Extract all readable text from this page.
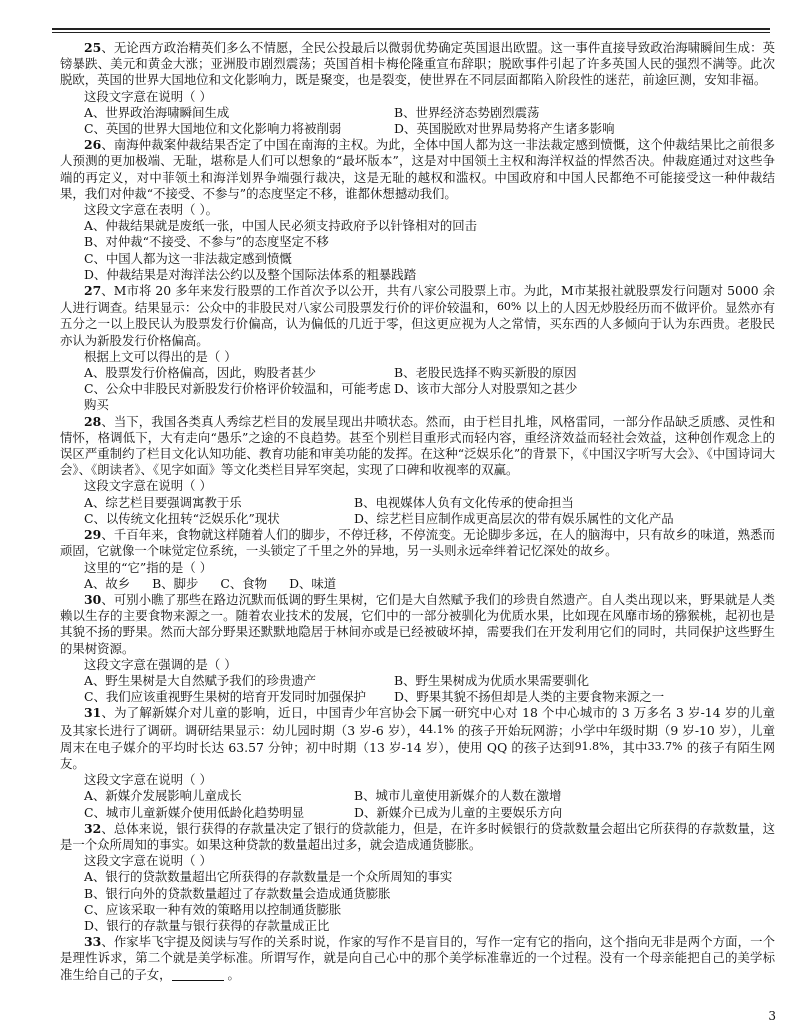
25、无论西方政治精英们多么不情愿，全民公投最后以微弱优势确定英国退出欧盟。这一事件直接导致政治海啸瞬间生成：英镑暴跌、美元和黄金大涨；亚洲股市剧烈震荡；英国首相卡梅伦隆重宣布辞职；脱欧事件引起了许多英国人民的强烈不满等。此次脱欧，英国的世界大国地位和文化影响力，既是聚变，也是裂变，使世界在不同层面都陷入阶段性的迷茫，前途叵测，安知非福。

这段文字意在说明（ ）

A、世界政治海啸瞬间生成	B、世界经济态势剧烈震荡
C、英国的世界大国地位和文化影响力将被削弱	D、英国脱欧对世界局势将产生诸多影响

26、南海仲裁案仲裁结果否定了中国在南海的主权。为此，全体中国人都为这一非法裁定感到愤慨，这个仲裁结果比之前很多人预测的更加极端、无耻，堪称是人们可以想象的“最坏版本”，这是对中国领土主权和海洋权益的悍然否决。仲裁庭通过对这些争端的再定义，对中菲领土和海洋划界争端强行裁决，这是无耻的越权和滥权。中国政府和中国人民都绝不可能接受这一种仲裁结果，我们对仲裁“不接受、不参与”的态度坚定不移，谁都休想撼动我们。

这段文字意在表明（ ）。

A、仲裁结果就是废纸一张，中国人民必须支持政府予以针锋相对的回击

B、对仲裁“不接受、不参与”的态度坚定不移

C、中国人都为这一非法裁定感到愤慨

D、仲裁结果是对海洋法公约以及整个国际法体系的粗暴践踏

27、M市将 20 多年来发行股票的工作首次予以公开，共有八家公司股票上市。为此，M市某报社就股票发行问题对 5000 余人进行调查。结果显示：公众中的非股民对八家公司股票发行价的评价较温和，60% 以上的人因无炒股经历而不做评价。显然亦有五分之一以上股民认为股票发行价偏高，认为偏低的几近于零，但这更应视为人之常情，买东西的人多倾向于认为东西贵。老股民亦认为新股发行价格偏高。

根据上文可以得出的是（ ）

A、股票发行价格偏高，因此，购股者甚少	B、老股民选择不购买新股的原因
C、公众中非股民对新股发行价格评价较温和，可能考虑购买
D、该市大部分人对股票知之甚少

28、当下，我国各类真人秀综艺栏目的发展呈现出井喷状态。然而，由于栏目扎堆，风格雷同，一部分作品缺乏质感、灵性和情怀，格调低下，大有走向“愚乐”之途的不良趋势。甚至个别栏目重形式而轻内容，重经济效益而轻社会效益，这种创作观念上的误区严重制约了栏目文化认知功能、教育功能和审美功能的发挥。在这种“泛娱乐化”的背景下，《中国汉字听写大会》、《中国诗词大会》、《朗读者》、《见字如面》等文化类栏目异军突起，实现了口碑和收视率的双赢。

这段文字意在说明（ ）

A、综艺栏目要强调寓教于乐	B、电视媒体人负有文化传承的使命担当
C、以传统文化扭转“泛娱乐化”现状	D、综艺栏目应制作成更高层次的带有娱乐属性的文化产品

29、千百年来，食物就这样随着人们的脚步，不停迁移，不停流变。无论脚步多远，在人的脑海中，只有故乡的味道，熟悉而顽固，它就像一个味觉定位系统，一头锁定了千里之外的异地，另一头则永远牵绊着记忆深处的故乡。

这里的“它”指的是（ ）

A、故乡 B、脚步 C、食物 D、味道

30、可别小瞧了那些在路边沉默而低调的野生果树，它们是大自然赋予我们的珍贵自然遗产。自人类出现以来，野果就是人类赖以生存的主要食物来源之一。随着农业技术的发展，它们中的一部分被驯化为优质水果，比如现在风靡市场的猕猴桃，起初也是其貌不扬的野果。然而大部分野果还默默地隐居于林间亦或是已经被破坏掉，需要我们在开发利用它们的同时，共同保护这些野生的果树资源。

这段文字意在强调的是（ ）

A、野生果树是大自然赋予我们的珍贵遗产	B、野生果树成为优质水果需要驯化
C、我们应该重视野生果树的培育开发同时加强保护	D、野果其貌不扬但却是人类的主要食物来源之一

31、为了解新媒介对儿童的影响，近日，中国青少年宫协会下属一研究中心对 18 个中心城市的 3 万多名 3 岁-14 岁的儿童及其家长进行了调研。调研结果显示：幼儿园时期（3 岁-6 岁），44.1% 的孩子开始玩网游；小学中年级时期（9 岁-10 岁），儿童周末在电子媒介的平均时长达 63.57 分钟；初中时期（13 岁-14 岁），使用 QQ 的孩子达到91.8%，其中33.7% 的孩子有陌生网友。

这段文字意在说明（ ）

A、新媒介发展影响儿童成长	B、城市儿童使用新媒介的人数在激增
C、城市儿童新媒介使用低龄化趋势明显	D、新媒介已成为儿童的主要娱乐方向

32、总体来说，银行获得的存款量决定了银行的贷款能力，但是，在许多时候银行的贷款数量会超出它所获得的存款数量，这是一个众所周知的事实。如果这种贷款的数量超出过多，就会造成通货膨胀。

这段文字意在说明（ ）

A、银行的贷款数量超出它所获得的存款数量是一个众所周知的事实

B、银行向外的贷款数量超过了存款数量会造成通货膨胀

C、应该采取一种有效的策略用以控制通货膨胀

D、银行的存款量与银行获得的存款量成正比

33、作家毕飞宇提及阅读与写作的关系时说，作家的写作不是盲目的，写作一定有它的指向，这个指向无非是两个方面，一个是理性诉求，第二个就是美学标准。所谓写作，就是向自己心中的那个美学标准靠近的一个过程。没有一个母亲能把自己的美学标准生给自己的子女，	。

3
